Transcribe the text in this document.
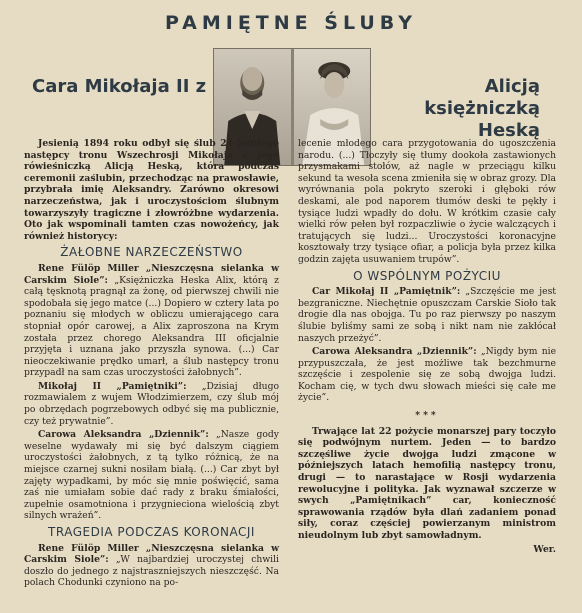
PAMIĘTNE ŚLUBY
Cara Mikołaja II z	Alicją księżniczką
Heską

Jesienią 1894 roku odbył się ślub 24-letniego następcy tronu Wszechrosji Mikołaja z jego rówieśniczką Alicją Heską, która podczas ceremonii zaślubin, przechodząc na prawosławie, przybrała imię Aleksandry. Zarówno okresowi narzeczeństwa, jak i uroczystościom ślubnym towarzyszyły tragiczne i złowróżbne wydarzenia. Oto jak wspominali tamten czas nowożeńcy, jak również historycy:

ŻAŁOBNE NARZECZEŃSTWO

Rene Fülöp Miller „Nieszczęsna sielanka w Carskim Siole”: „Księżniczka Heska Alix, którą z całą tęsknotą pragnął za żonę, od pierwszej chwili nie spodobała się jego matce (...) Dopiero w cztery lata po poznaniu się młodych w obliczu umierającego cara stopniał opór carowej, a Alix zaproszona na Krym została przez chorego Aleksandra III oficjalnie przyjęta i uznana jako przyszła synowa. (...) Car nieoczekiwanie prędko umarł, a ślub następcy tronu przypadł na sam czas uroczystości żałobnych”.

Mikołaj II „Pamiętniki”: „Dzisiaj długo rozmawialem z wujem Włodzimierzem, czy ślub mój po obrzędach pogrzebowych odbyć się ma publicznie, czy też prywatnie”.

Carowa Aleksandra „Dziennik”: „Nasze gody weselne wydawały mi się być dalszym ciągiem uroczystości żałobnych, z tą tylko różnicą, że na miejsce czarnej sukni nosiłam białą. (...) Car zbyt był zajęty wypadkami, by móc się mnie poświęcić, sama zaś nie umiałam sobie dać rady z braku śmiałości, zupełnie osamotniona i przygnieciona wielością zbyt silnych wrażeń”.

TRAGEDIA PODCZAS KORONACJI

Rene Fülöp Miller „Nieszczęsna sielanka w Carskim Siole”: „W najbardziej uroczystej chwili doszło do jednego z najstraszniejszych nieszczęść. Na polach Chodunki czyniono na po-

lecenie młodego cara przygotowania do ugoszczenia narodu. (...) Tłoczyły się tłumy dookoła zastawionych przysmakami stołów, aż nagle w przeciągu kilku sekund ta wesoła scena zmieniła się w obraz grozy. Dla wyrównania pola pokryto szeroki i głęboki rów deskami, ale pod naporem tłumów deski te pękły i tysiące ludzi wpadły do dołu. W krótkim czasie cały wielki rów pełen był rozpaczliwie o życie walczących i tratujących się ludzi... Uroczystości koronacyjne kosztowały trzy tysiące ofiar, a policja była przez kilka godzin zajęta usuwaniem trupów”.

O WSPÓLNYM POŻYCIU

Car Mikołaj II „Pamiętnik”: „Szczęście me jest bezgraniczne. Niechętnie opuszczam Carskie Sioło tak drogie dla nas obojga. Tu po raz pierwszy po naszym ślubie byliśmy sami ze sobą i nikt nam nie zakłócał naszych przeżyć”.

Carowa Aleksandra „Dziennik”: „Nigdy bym nie przypuszczała, że jest możliwe tak bezchmurne szczęście i zespolenie się ze sobą dwojga ludzi. Kocham cię, w tych dwu słowach mieści się całe me życie”.

***

Trwające lat 22 pożycie monarszej pary toczyło się podwójnym nurtem. Jeden — to bardzo szczęśliwe życie dwojga ludzi zmącone w późniejszych latach hemofilią następcy tronu, drugi — to narastające w Rosji wydarzenia rewolucyjne i polityka. Jak wyznawał szczerze w swych „Pamiętnikach” car, konieczność sprawowania rządów była dlań zadaniem ponad siły, coraz częściej powierzanym ministrom nieudolnym lub zbyt samowładnym.

Wer.
